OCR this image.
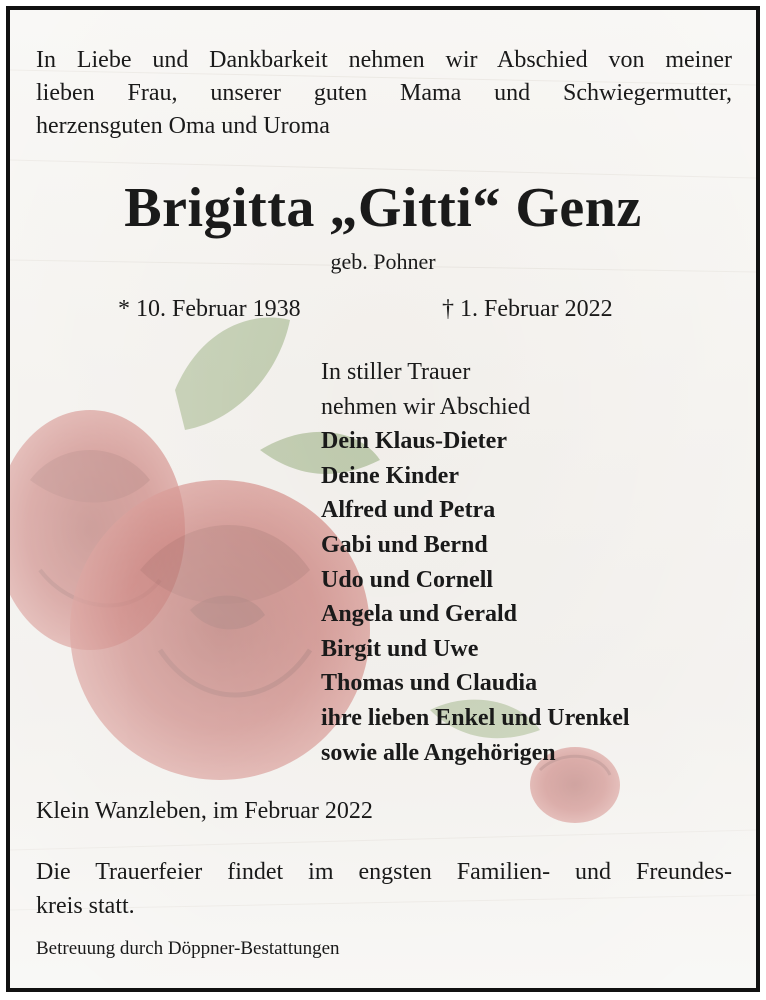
In Liebe und Dankbarkeit nehmen wir Abschied von meiner
lieben Frau, unserer guten Mama und Schwiegermutter,
herzensguten Oma und Uroma
Brigitta „Gitti“ Genz
geb. Pohner
* 10. Februar 1938	† 1. Februar 2022
In stiller Trauer
nehmen wir Abschied
Dein Klaus-Dieter
Deine Kinder
Alfred und Petra
Gabi und Bernd
Udo und Cornell
Angela und Gerald
Birgit und Uwe
Thomas und Claudia
ihre lieben Enkel und Urenkel
sowie alle Angehörigen
Klein Wanzleben, im Februar 2022
Die Trauerfeier findet im engsten Familien- und Freundes-
kreis statt.
Betreuung durch Döppner-Bestattungen
